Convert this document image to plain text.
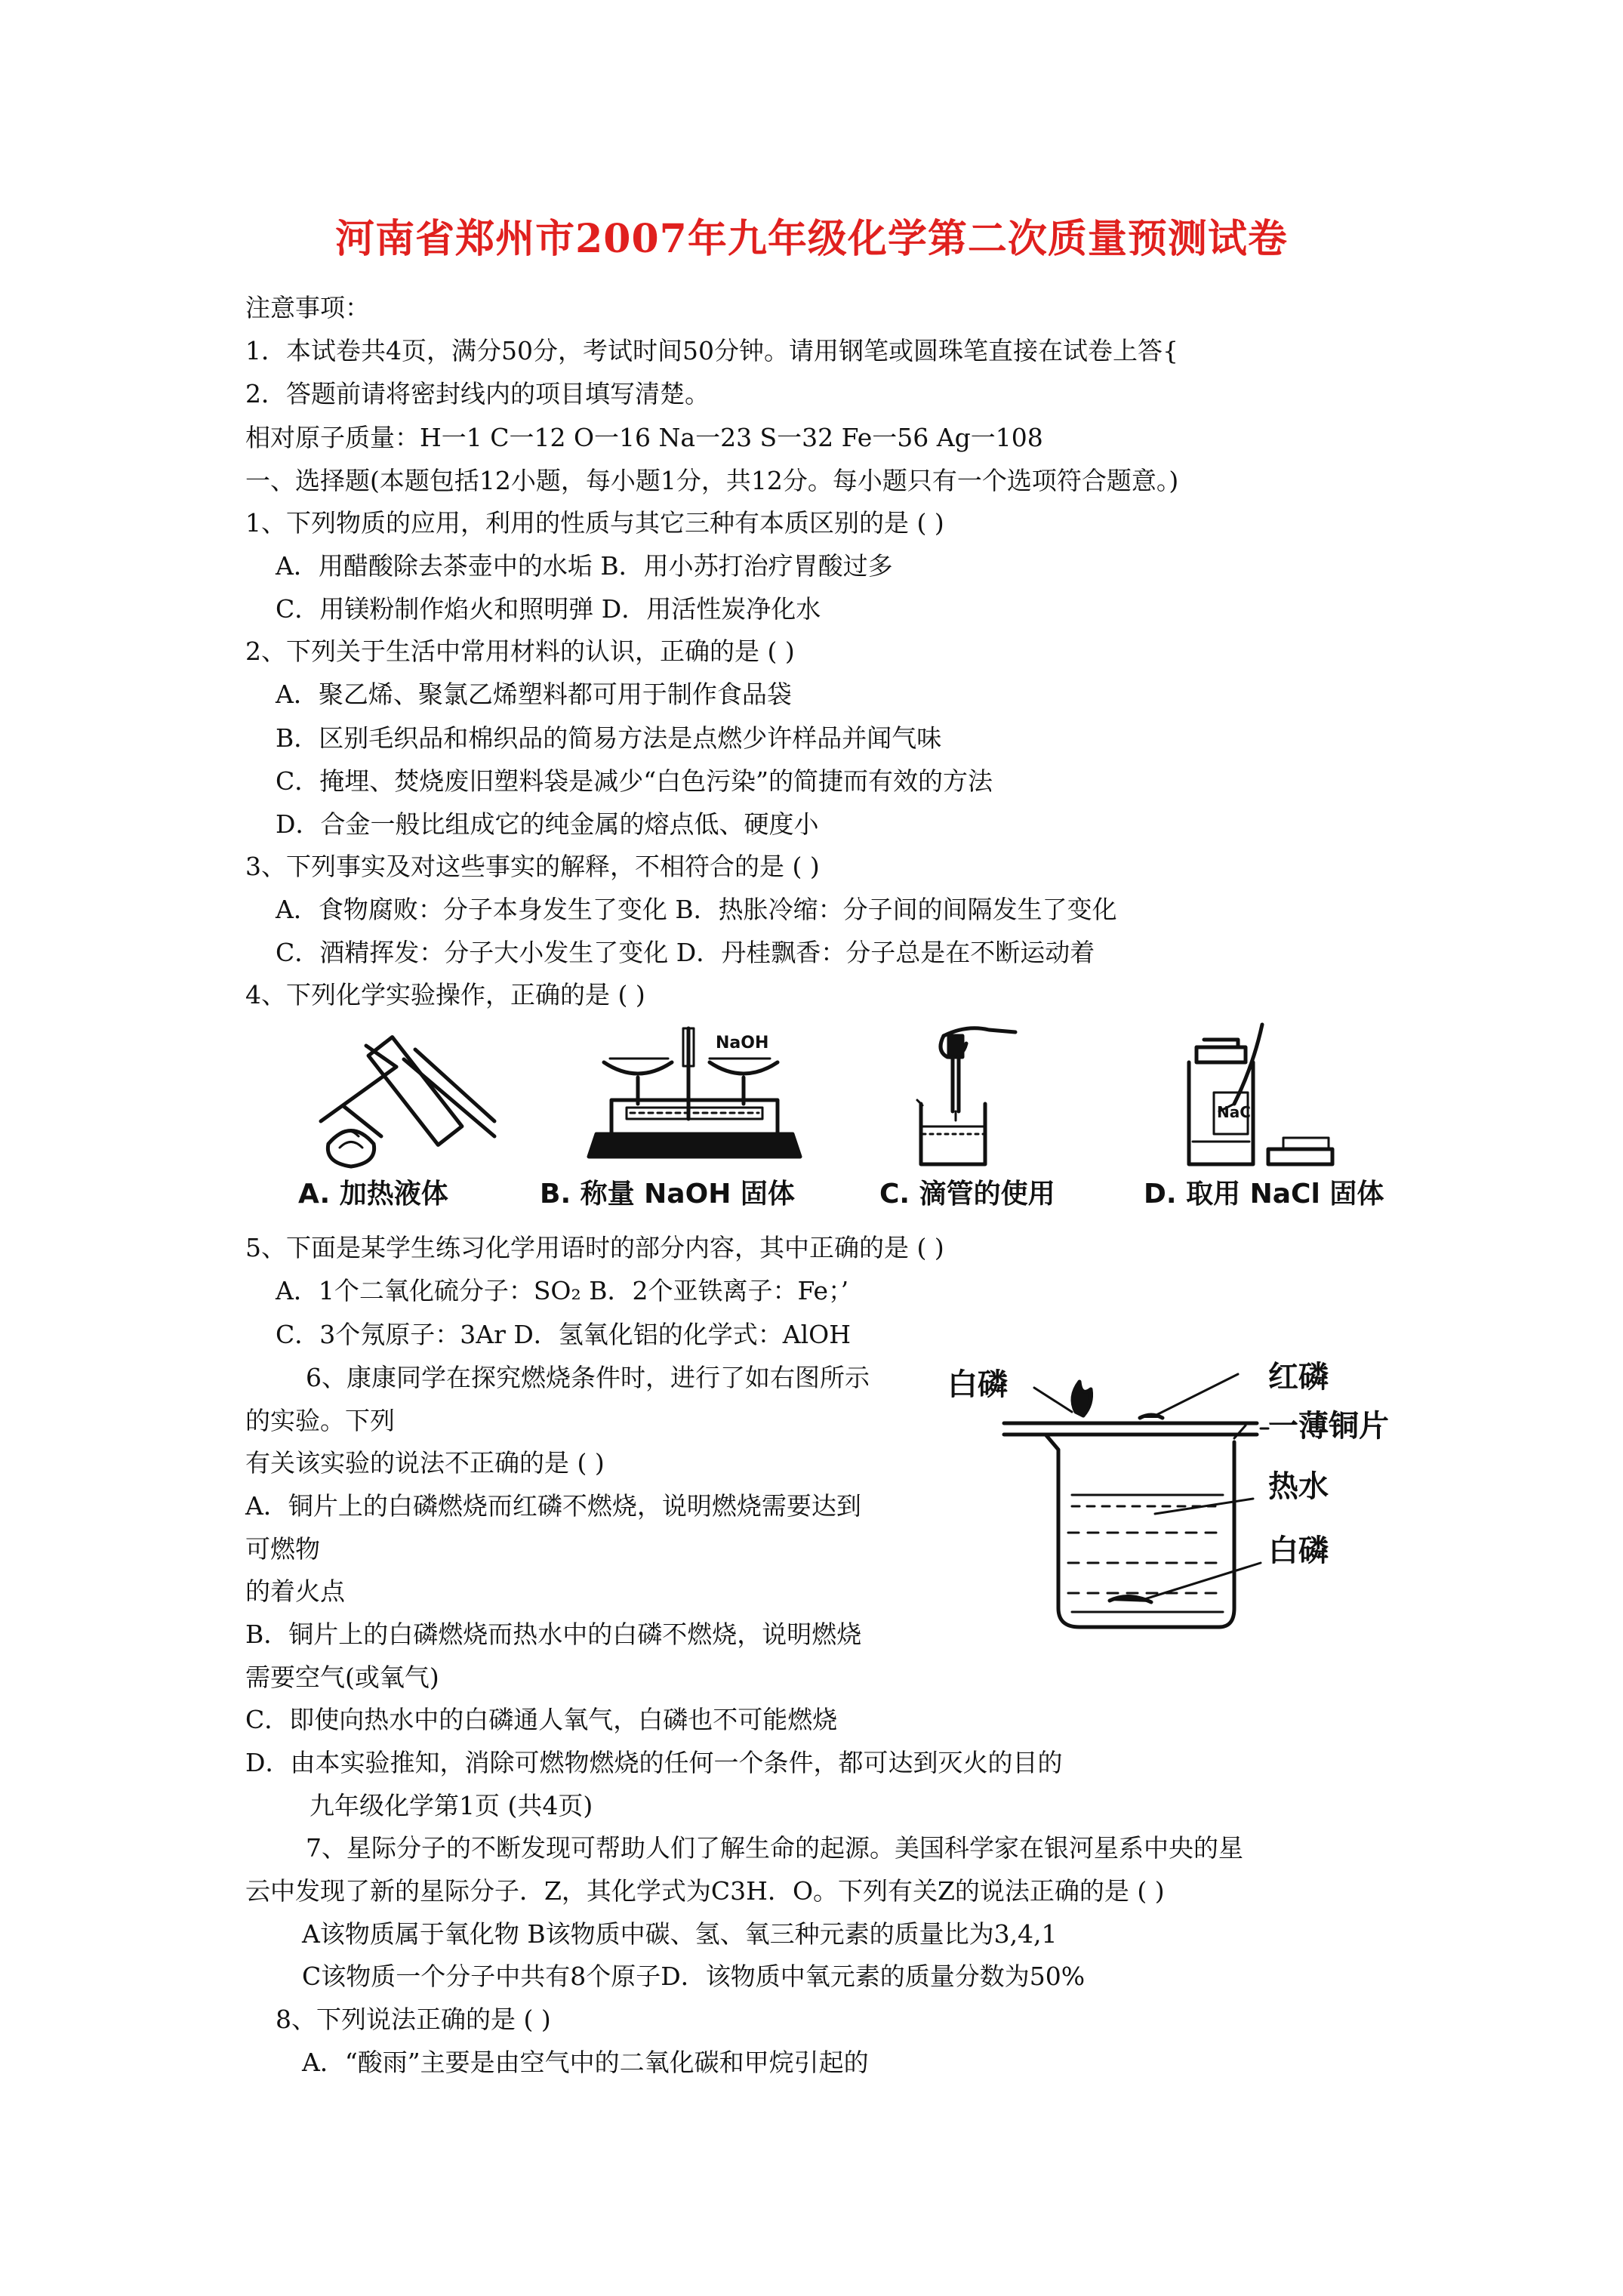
河南省郑州市2007年九年级化学第二次质量预测试卷
注意事项：
1．本试卷共4页，满分50分，考试时间50分钟。请用钢笔或圆珠笔直接在试卷上答{
2．答题前请将密封线内的项目填写清楚。
相对原子质量：H一1 C一12 O一16 Na一23 S一32 Fe一56 Ag一108
一、选择题(本题包括12小题，每小题1分，共12分。每小题只有一个选项符合题意。)
1、下列物质的应用，利用的性质与其它三种有本质区别的是 ( )
A．用醋酸除去茶壶中的水垢 B．用小苏打治疗胃酸过多
C．用镁粉制作焰火和照明弹 D．用活性炭净化水
2、下列关于生活中常用材料的认识，正确的是 ( )
A．聚乙烯、聚氯乙烯塑料都可用于制作食品袋
B．区别毛织品和棉织品的简易方法是点燃少许样品并闻气味
C．掩埋、焚烧废旧塑料袋是减少“白色污染”的简捷而有效的方法
D．合金一般比组成它的纯金属的熔点低、硬度小
3、下列事实及对这些事实的解释，不相符合的是 ( )
A．食物腐败：分子本身发生了变化 B．热胀冷缩：分子间的间隔发生了变化
C．酒精挥发：分子大小发生了变化 D．丹桂飘香：分子总是在不断运动着
4、下列化学实验操作，正确的是 ( )
A. 加热液体
NaOH
B. 称量 NaOH 固体	C. 滴管的使用
NaCl
D. 取用 NaCl 固体
5、下面是某学生练习化学用语时的部分内容，其中正确的是 ( )
A．1个二氧化硫分子：SO₂ B．2个亚铁离子：Fe；’
C．3个氖原子：3Ar D．氢氧化铝的化学式：AlOH
6、康康同学在探究燃烧条件时，进行了如右图所示
的实验。下列
有关该实验的说法不正确的是 ( )
A．铜片上的白磷燃烧而红磷不燃烧，说明燃烧需要达到
可燃物
的着火点
B．铜片上的白磷燃烧而热水中的白磷不燃烧，说明燃烧
需要空气(或氧气)
C．即使向热水中的白磷通人氧气，白磷也不可能燃烧
D．由本实验推知，消除可燃物燃烧的任何一个条件，都可达到灭火的目的
白磷	红磷
一薄铜片
热水
白磷
九年级化学第1页 (共4页)
7、星际分子的不断发现可帮助人们了解生命的起源。美国科学家在银河星系中央的星
云中发现了新的星际分子．Z，其化学式为C3H．O。下列有关Z的说法正确的是 ( )
A该物质属于氧化物 B该物质中碳、氢、氧三种元素的质量比为3,4,1
C该物质一个分子中共有8个原子D．该物质中氧元素的质量分数为50%
8、下列说法正确的是 ( )
A．“酸雨”主要是由空气中的二氧化碳和甲烷引起的
